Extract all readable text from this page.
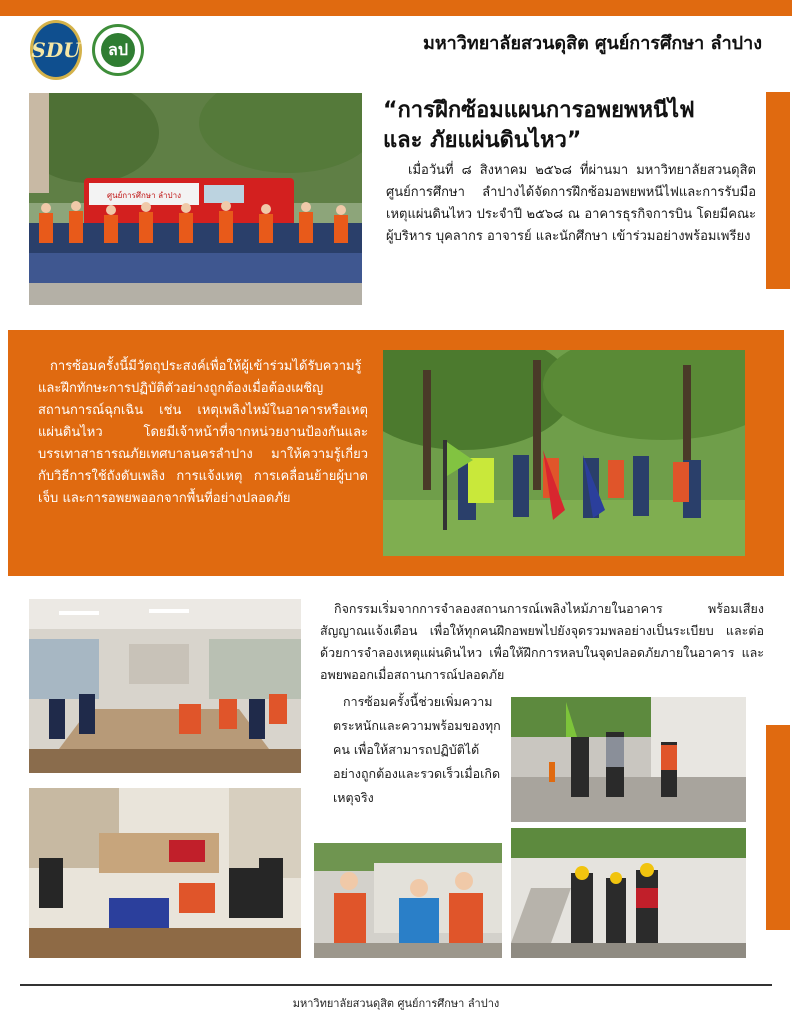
SDU ลป	มหาวิทยาลัยสวนดุสิต ศูนย์การศึกษา ลำปาง
ศูนย์การศึกษา ลำปาง
“การฝึกซ้อมแผนการอพยพหนีไฟ
และ ภัยแผ่นดินไหว”
เมื่อวันที่ ๘ สิงหาคม ๒๕๖๘ ที่ผ่านมา มหาวิทยาลัยสวนดุสิต ศูนย์การศึกษา ลำปางได้จัดการฝึกซ้อมอพยพหนีไฟและการรับมือเหตุแผ่นดินไหว ประจำปี ๒๕๖๘ ณ อาคารธุรกิจการบิน โดยมีคณะผู้บริหาร บุคลากร อาจารย์ และนักศึกษา เข้าร่วมอย่างพร้อมเพรียง
การซ้อมครั้งนี้มีวัตถุประสงค์เพื่อให้ผู้เข้าร่วมได้รับความรู้และฝึกทักษะการปฏิบัติตัวอย่างถูกต้องเมื่อต้องเผชิญสถานการณ์ฉุกเฉิน เช่น เหตุเพลิงไหม้ในอาคารหรือเหตุแผ่นดินไหว โดยมีเจ้าหน้าที่จากหน่วยงานป้องกันและบรรเทาสาธารณภัยเทศบาลนครลำปาง มาให้ความรู้เกี่ยวกับวิธีการใช้ถังดับเพลิง การแจ้งเหตุ การเคลื่อนย้ายผู้บาดเจ็บ และการอพยพออกจากพื้นที่อย่างปลอดภัย
กิจกรรมเริ่มจากการจำลองสถานการณ์เพลิงไหม้ภายในอาคาร พร้อมเสียงสัญญาณแจ้งเตือน เพื่อให้ทุกคนฝึกอพยพไปยังจุดรวมพลอย่างเป็นระเบียบ และต่อด้วยการจำลองเหตุแผ่นดินไหว เพื่อให้ฝึกการหลบในจุดปลอดภัยภายในอาคาร และอพยพออกเมื่อสถานการณ์ปลอดภัย
การซ้อมครั้งนี้ช่วยเพิ่มความตระหนักและความพร้อมของทุกคน เพื่อให้สามารถปฏิบัติได้อย่างถูกต้องและรวดเร็วเมื่อเกิดเหตุจริง
มหาวิทยาลัยสวนดุสิต ศูนย์การศึกษา ลำปาง
